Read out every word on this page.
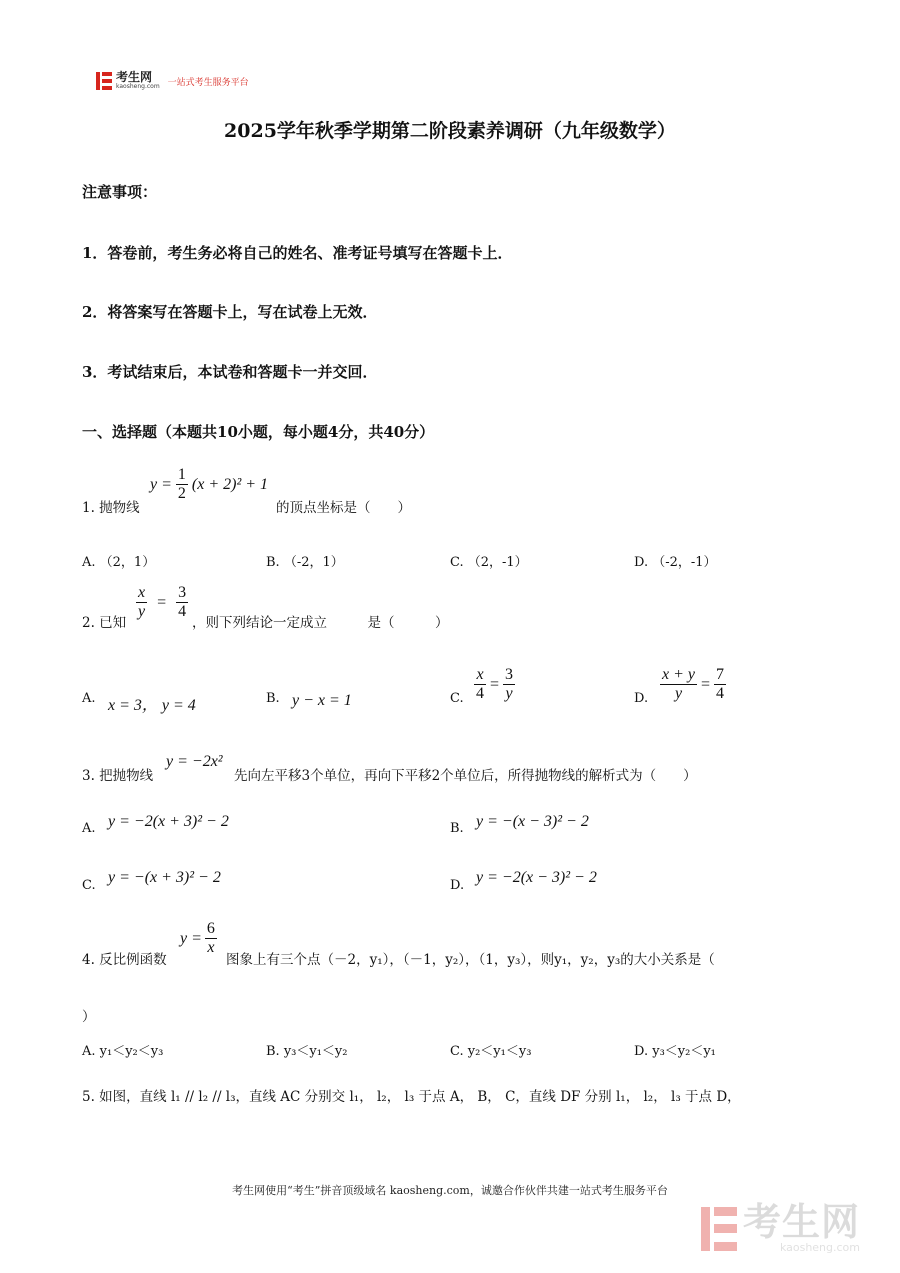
考生网
kaosheng.com 一站式考生服务平台
2025学年秋季学期第二阶段素养调研（九年级数学）
注意事项：
1．答卷前，考生务必将自己的姓名、准考证号填写在答题卡上．
2．将答案写在答题卡上，写在试卷上无效．
3．考试结束后，本试卷和答题卡一并交回．
一、选择题（本题共10小题，每小题4分，共40分）
1. 抛物线
$y = \frac{1}{2} (x + 2)^2 + 1$
的顶点坐标是（　　）
A. （2，1）	B. （-2，1）	C. （2，-1）	D. （-2，-1）
2. 已知
$\frac{x}{y} = \frac{3}{4}$
，则下列结论一定成立　　　是（　　　）
A. x = 3， y = 4	B. y − x = 1	C. $\frac{x}{4} = \frac{3}{y}$	D. $\frac{x + y}{y} = \frac{7}{4}$
3. 把抛物线
y = −2x²
先向左平移3个单位，再向下平移2个单位后，所得抛物线的解析式为（　　）
A. y = −2(x + 3)² − 2	B. y = −(x − 3)² − 2
C. y = −(x + 3)² − 2	D. y = −2(x − 3)² − 2
4. 反比例函数
$y = \frac{6}{x}$
图象上有三个点（－2，y₁），（－1，y₂），（1，y₃），则y₁，y₂，y₃的大小关系是（
）
A. y₁＜y₂＜y₃	B. y₃＜y₁＜y₂	C. y₂＜y₁＜y₃	D. y₃＜y₂＜y₁
5. 如图，直线 l₁ // l₂ // l₃，直线 AC 分别交 l₁， l₂， l₃ 于点 A， B， C，直线 DF 分别 l₁， l₂， l₃ 于点 D，
考生网使用“考生”拼音顶级域名 kaosheng.com，诚邀合作伙伴共建一站式考生服务平台
考生网
kaosheng.com
